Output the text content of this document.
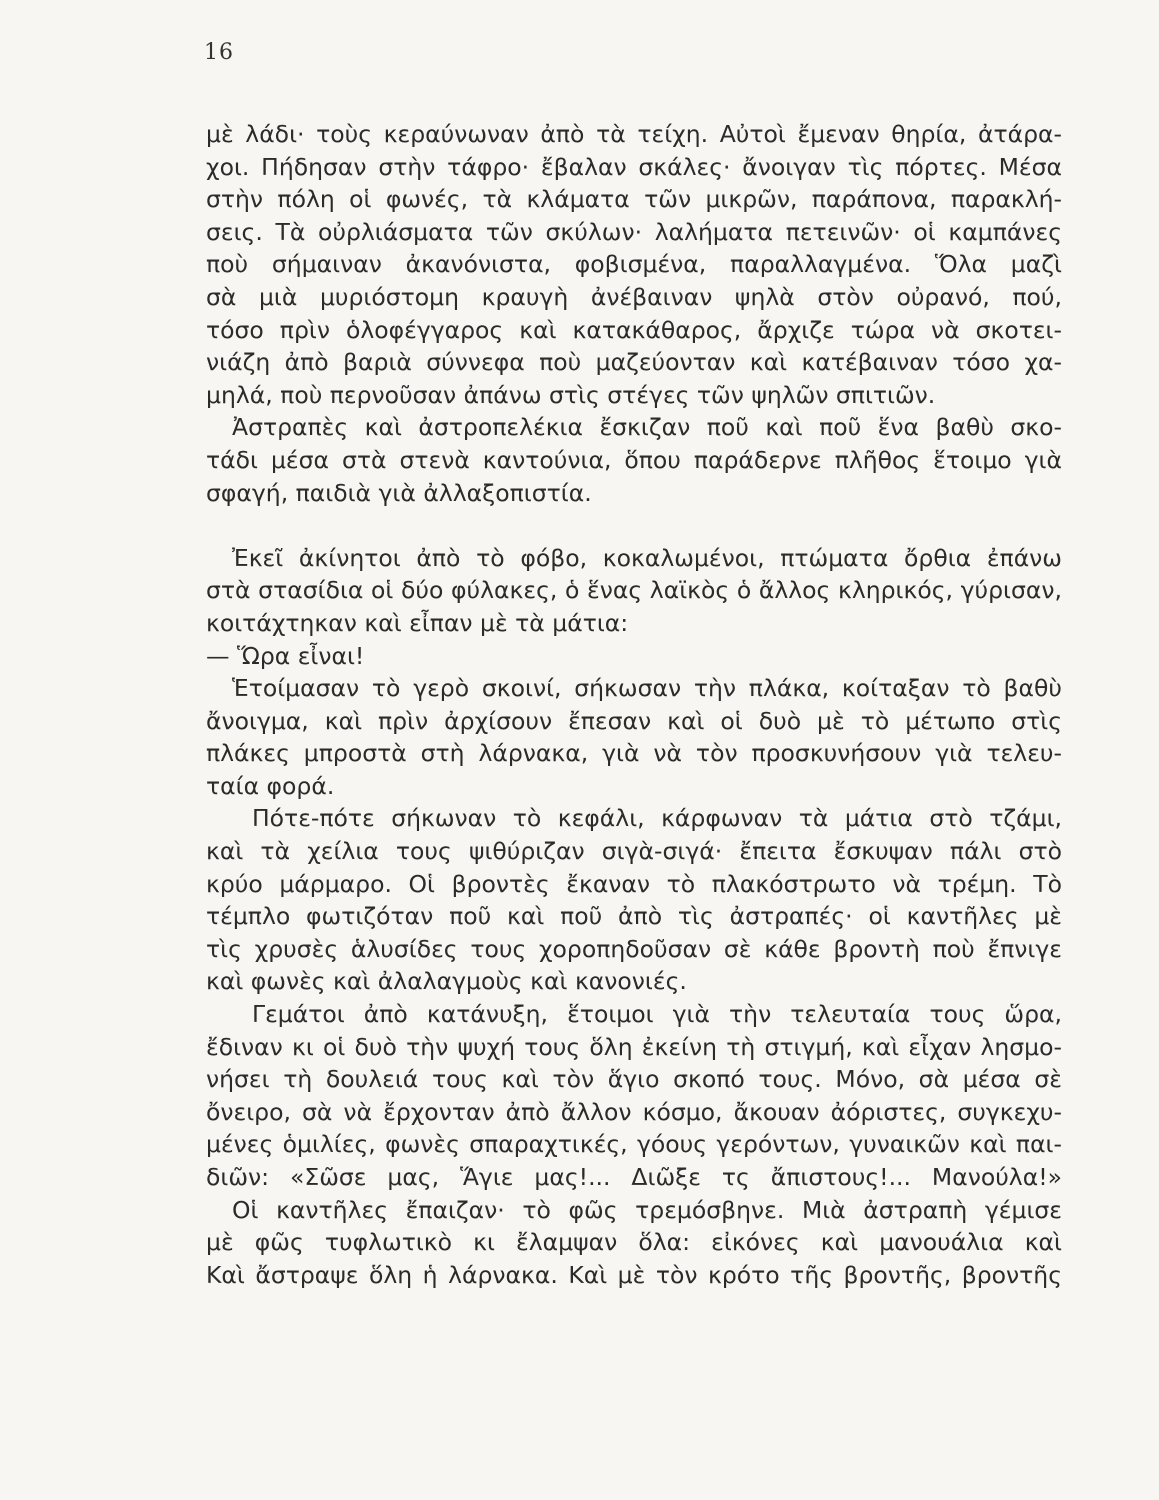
16
μὲ λάδι· τοὺς κεραύνωναν ἀπὸ τὰ τείχη. Αὐτοὶ ἔμεναν θηρία, ἀτάρα-
χοι. Πήδησαν στὴν τάφρο· ἔβαλαν σκάλες· ἄνοιγαν τὶς πόρτες. Μέσα
στὴν πόλη οἱ φωνές, τὰ κλάματα τῶν μικρῶν, παράπονα, παρακλή-
σεις. Τὰ οὐρλιάσματα τῶν σκύλων· λαλήματα πετεινῶν· οἱ καμπάνες
ποὺ σήμαιναν ἀκανόνιστα, φοβισμένα, παραλλαγμένα. Ὅλα μαζὶ
σὰ μιὰ μυριόστομη κραυγὴ ἀνέβαιναν ψηλὰ στὸν οὐρανό, πού,
τόσο πρὶν ὁλοφέγγαρος καὶ κατακάθαρος, ἄρχιζε τώρα νὰ σκοτει-
νιάζη ἀπὸ βαριὰ σύννεφα ποὺ μαζεύονταν καὶ κατέβαιναν τόσο χα-
μηλά, ποὺ περνοῦσαν ἀπάνω στὶς στέγες τῶν ψηλῶν σπιτιῶν.
Ἀστραπὲς καὶ ἀστροπελέκια ἔσκιζαν ποῦ καὶ ποῦ ἕνα βαθὺ σκο-
τάδι μέσα στὰ στενὰ καντούνια, ὅπου παράδερνε πλῆθος ἕτοιμο γιὰ
σφαγή, παιδιὰ γιὰ ἀλλαξοπιστία.
Ἐκεῖ ἀκίνητοι ἀπὸ τὸ φόβο, κοκαλωμένοι, πτώματα ὄρθια ἐπάνω
στὰ στασίδια οἱ δύο φύλακες, ὁ ἕνας λαϊκὸς ὁ ἄλλος κληρικός, γύρισαν,
κοιτάχτηκαν καὶ εἶπαν μὲ τὰ μάτια:
— Ὥρα εἶναι!
Ἑτοίμασαν τὸ γερὸ σκοινί, σήκωσαν τὴν πλάκα, κοίταξαν τὸ βαθὺ
ἄνοιγμα, καὶ πρὶν ἀρχίσουν ἔπεσαν καὶ οἱ δυὸ μὲ τὸ μέτωπο στὶς
πλάκες μπροστὰ στὴ λάρνακα, γιὰ νὰ τὸν προσκυνήσουν γιὰ τελευ-
ταία φορά.
Πότε-πότε σήκωναν τὸ κεφάλι, κάρφωναν τὰ μάτια στὸ τζάμι,
καὶ τὰ χείλια τους ψιθύριζαν σιγὰ-σιγά· ἔπειτα ἔσκυψαν πάλι στὸ
κρύο μάρμαρο. Οἱ βροντὲς ἔκαναν τὸ πλακόστρωτο νὰ τρέμη. Τὸ
τέμπλο φωτιζόταν ποῦ καὶ ποῦ ἀπὸ τὶς ἀστραπές· οἱ καντῆλες μὲ
τὶς χρυσὲς ἁλυσίδες τους χοροπηδοῦσαν σὲ κάθε βροντὴ ποὺ ἔπνιγε
καὶ φωνὲς καὶ ἀλαλαγμοὺς καὶ κανονιές.
Γεμάτοι ἀπὸ κατάνυξη, ἕτοιμοι γιὰ τὴν τελευταία τους ὥρα,
ἔδιναν κι οἱ δυὸ τὴν ψυχή τους ὅλη ἐκείνη τὴ στιγμή, καὶ εἶχαν λησμο-
νήσει τὴ δουλειά τους καὶ τὸν ἅγιο σκοπό τους. Μόνο, σὰ μέσα σὲ
ὄνειρο, σὰ νὰ ἔρχονταν ἀπὸ ἄλλον κόσμο, ἄκουαν ἀόριστες, συγκεχυ-
μένες ὁμιλίες, φωνὲς σπαραχτικές, γόους γερόντων, γυναικῶν καὶ παι-
διῶν: «Σῶσε μας, Ἅγιε μας!... Διῶξε τς ἄπιστους!... Μανούλα!»
Οἱ καντῆλες ἔπαιζαν· τὸ φῶς τρεμόσβηνε. Μιὰ ἀστραπὴ γέμισε
μὲ φῶς τυφλωτικὸ κι ἔλαμψαν ὅλα: εἰκόνες καὶ μανουάλια καὶ
Καὶ ἄστραψε ὅλη ἡ λάρνακα. Καὶ μὲ τὸν κρότο τῆς βροντῆς, βροντῆς
